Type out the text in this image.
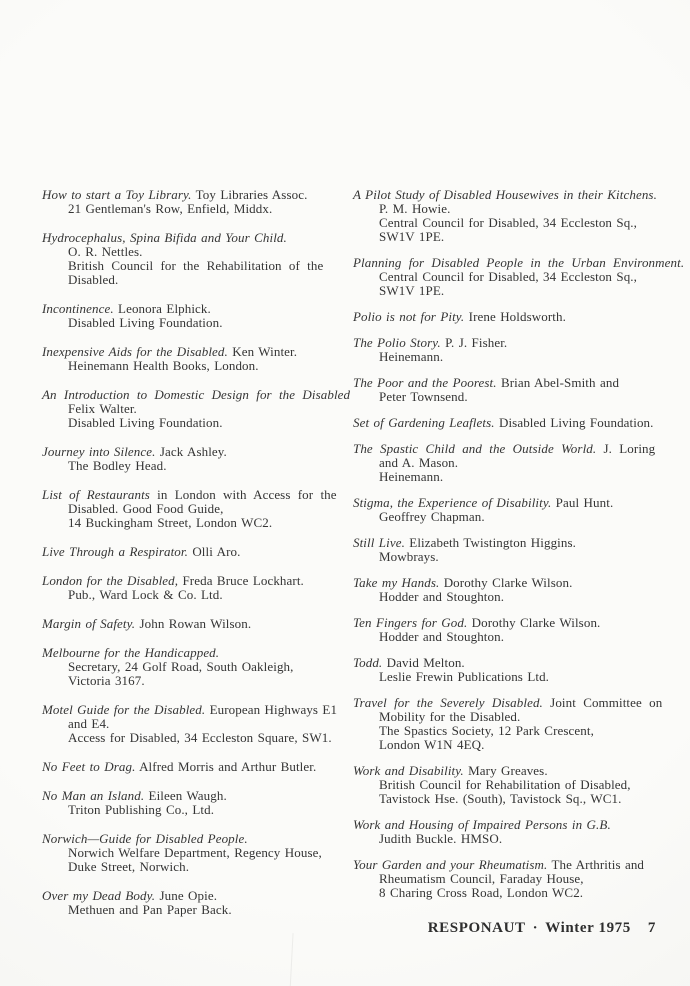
How to start a Toy Library. Toy Libraries Assoc.
21 Gentleman's Row, Enfield, Middx.

Hydrocephalus, Spina Bifida and Your Child.
O. R. Nettles.
British Council for the Rehabilitation of the
Disabled.

Incontinence. Leonora Elphick.
Disabled Living Foundation.

Inexpensive Aids for the Disabled. Ken Winter.
Heinemann Health Books, London.

An Introduction to Domestic Design for the Disabled
Felix Walter.
Disabled Living Foundation.

Journey into Silence. Jack Ashley.
The Bodley Head.

List of Restaurants in London with Access for the
Disabled. Good Food Guide,
14 Buckingham Street, London WC2.

Live Through a Respirator. Olli Aro.

London for the Disabled, Freda Bruce Lockhart.
Pub., Ward Lock & Co. Ltd.

Margin of Safety. John Rowan Wilson.

Melbourne for the Handicapped.
Secretary, 24 Golf Road, South Oakleigh,
Victoria 3167.

Motel Guide for the Disabled. European Highways E1
and E4.
Access for Disabled, 34 Eccleston Square, SW1.

No Feet to Drag. Alfred Morris and Arthur Butler.

No Man an Island. Eileen Waugh.
Triton Publishing Co., Ltd.

Norwich—Guide for Disabled People.
Norwich Welfare Department, Regency House,
Duke Street, Norwich.

Over my Dead Body. June Opie.
Methuen and Pan Paper Back.

A Pilot Study of Disabled Housewives in their Kitchens.
P. M. Howie.
Central Council for Disabled, 34 Eccleston Sq.,
SW1V 1PE.

Planning for Disabled People in the Urban Environment.
Central Council for Disabled, 34 Eccleston Sq.,
SW1V 1PE.

Polio is not for Pity. Irene Holdsworth.

The Polio Story. P. J. Fisher.
Heinemann.

The Poor and the Poorest. Brian Abel-Smith and
Peter Townsend.

Set of Gardening Leaflets. Disabled Living Foundation.

The Spastic Child and the Outside World. J. Loring
and A. Mason.
Heinemann.

Stigma, the Experience of Disability. Paul Hunt.
Geoffrey Chapman.

Still Live. Elizabeth Twistington Higgins.
Mowbrays.

Take my Hands. Dorothy Clarke Wilson.
Hodder and Stoughton.

Ten Fingers for God. Dorothy Clarke Wilson.
Hodder and Stoughton.

Todd. David Melton.
Leslie Frewin Publications Ltd.

Travel for the Severely Disabled. Joint Committee on
Mobility for the Disabled.
The Spastics Society, 12 Park Crescent,
London W1N 4EQ.

Work and Disability. Mary Greaves.
British Council for Rehabilitation of Disabled,
Tavistock Hse. (South), Tavistock Sq., WC1.

Work and Housing of Impaired Persons in G.B.
Judith Buckle. HMSO.

Your Garden and your Rheumatism. The Arthritis and
Rheumatism Council, Faraday House,
8 Charing Cross Road, London WC2.

RESPONAUT · Winter 1975 7
